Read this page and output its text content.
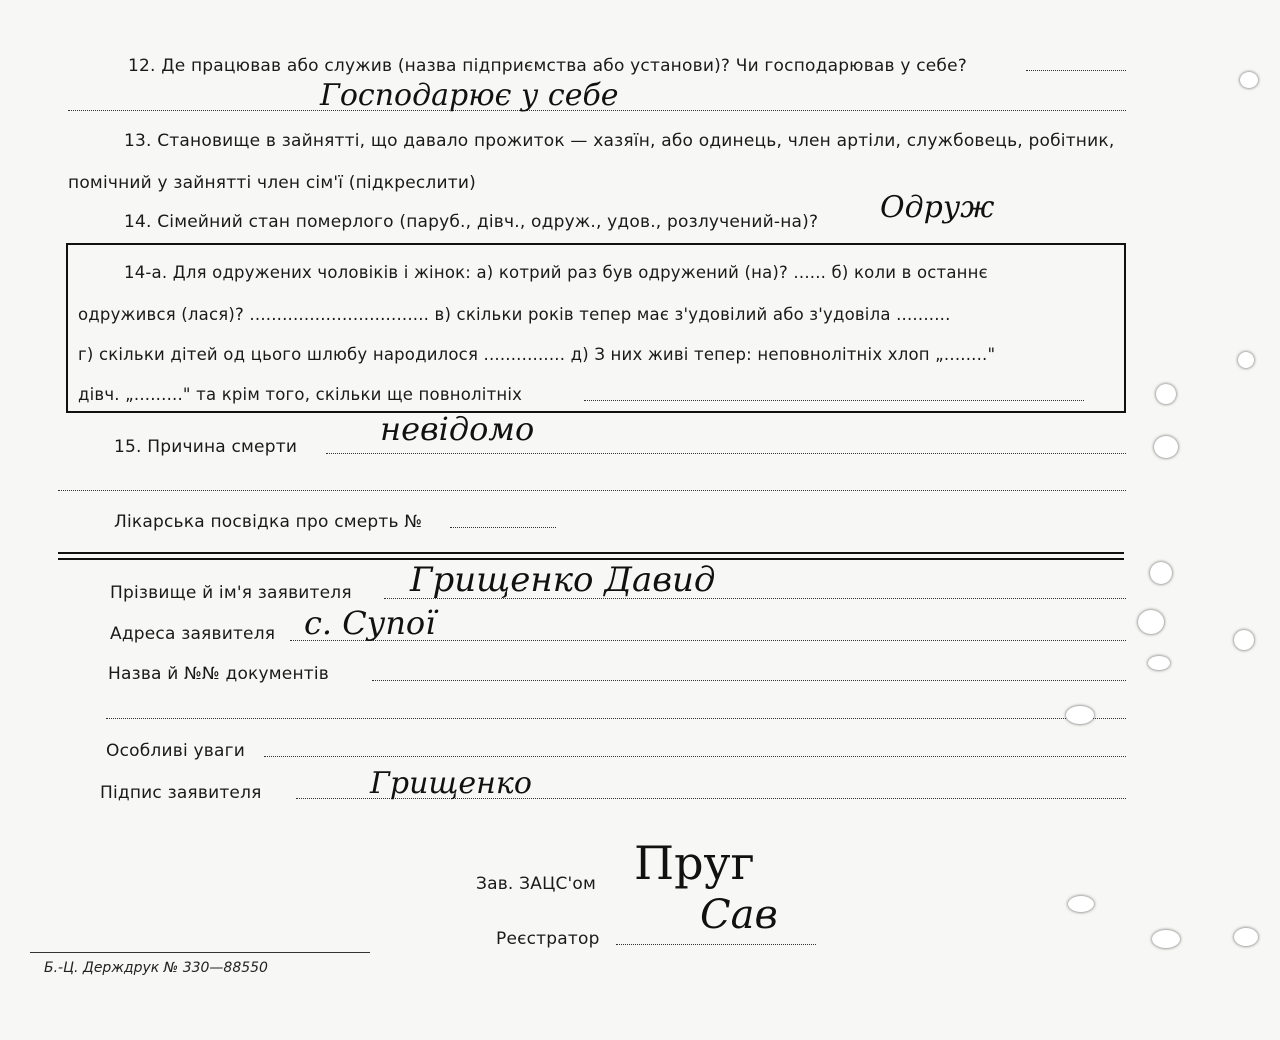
12. Де працював або служив (назва підприємства або установи)? Чи господарював у себе?
Господарює у себе
13. Становище в зайнятті, що давало прожиток — хазяїн, або одинець, член артіли, службовець, робітник,
помічний у зайнятті член сім'ї (підкреслити)
14. Сімейний стан померлого (паруб., дівч., одруж., удов., розлучений-на)? Одруж
14-а. Для одружених чоловіків і жінок: а) котрий раз був одружений (на)? ...... б) коли в останнє
одружився (лася)? ................................. в) скільки років тепер має з'удовілий або з'удовіла ..........
г) скільки дітей од цього шлюбу народилося ............... д) З них живі тепер: неповнолітніх хлоп „........"
дівч. „........." та крім того, скільки ще повнолітніх
15. Причина смерти	невідомо
Лікарська посвідка про смерть №
Прізвище й ім'я заявителя Грищенко Давид
Адреса заявителя с. Супої
Назва й №№ документів
Особливі уваги
Підпис заявителя	Грищенко
Зав. ЗАЦС'ом Пруг
Реєстратор
Сав
Б.-Ц. Держдрук № 330—88550
